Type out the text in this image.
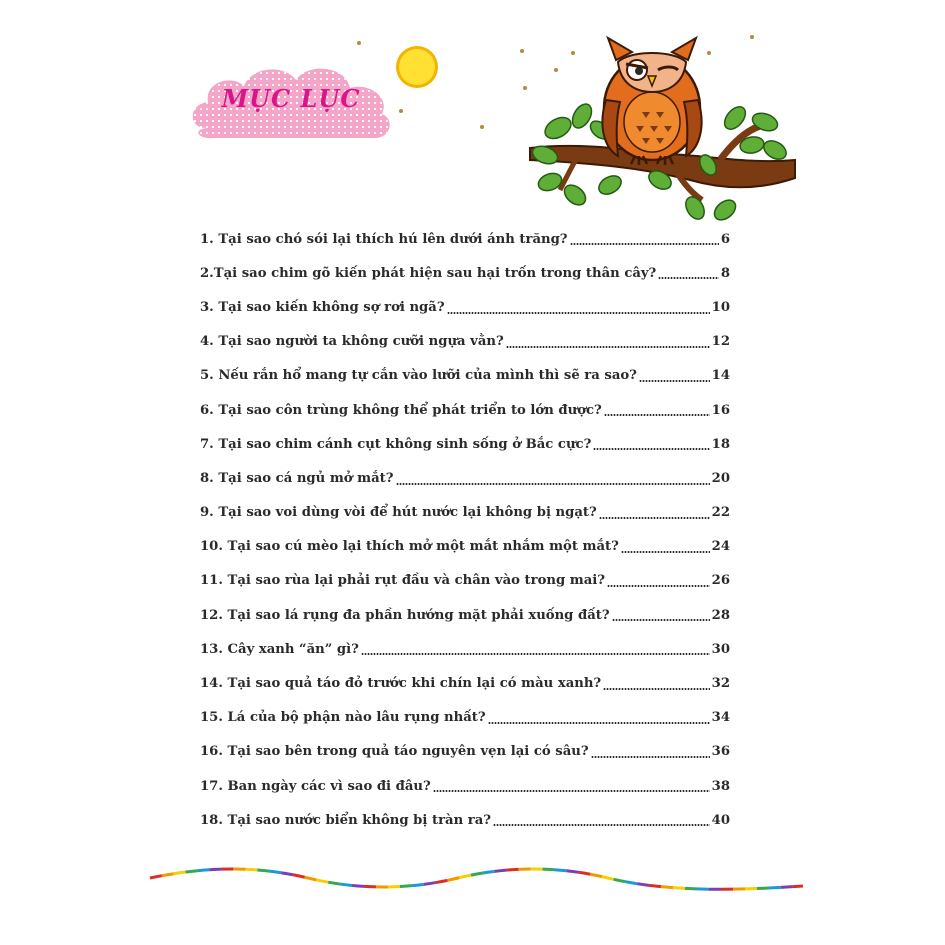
MỤC LỤC
1. Tại sao chó sói lại thích hú lên dưới ánh trăng?	6
2.Tại sao chim gõ kiến phát hiện sau hại trốn trong thân cây?	8
3. Tại sao kiến không sợ rơi ngã?	10
4. Tại sao người ta không cưỡi ngựa vằn?	12
5. Nếu rắn hổ mang tự cắn vào lưỡi của mình thì sẽ ra sao?	14
6. Tại sao côn trùng không thể phát triển to lớn được?	16
7. Tại sao chim cánh cụt không sinh sống ở Bắc cực?	18
8. Tại sao cá ngủ mở mắt?	20
9. Tại sao voi dùng vòi để hút nước lại không bị ngạt?	22
10. Tại sao cú mèo lại thích mở một mắt nhắm một mắt?	24
11. Tại sao rùa lại phải rụt đầu và chân vào trong mai?	26
12. Tại sao lá rụng đa phần hướng mặt phải xuống đất?	28
13. Cây xanh “ăn” gì?	30
14. Tại sao quả táo đỏ trước khi chín lại có màu xanh?	32
15. Lá của bộ phận nào lâu rụng nhất?	34
16. Tại sao bên trong quả táo nguyên vẹn lại có sâu?	36
17. Ban ngày các vì sao đi đâu?	38
18. Tại sao nước biển không bị tràn ra?	40
